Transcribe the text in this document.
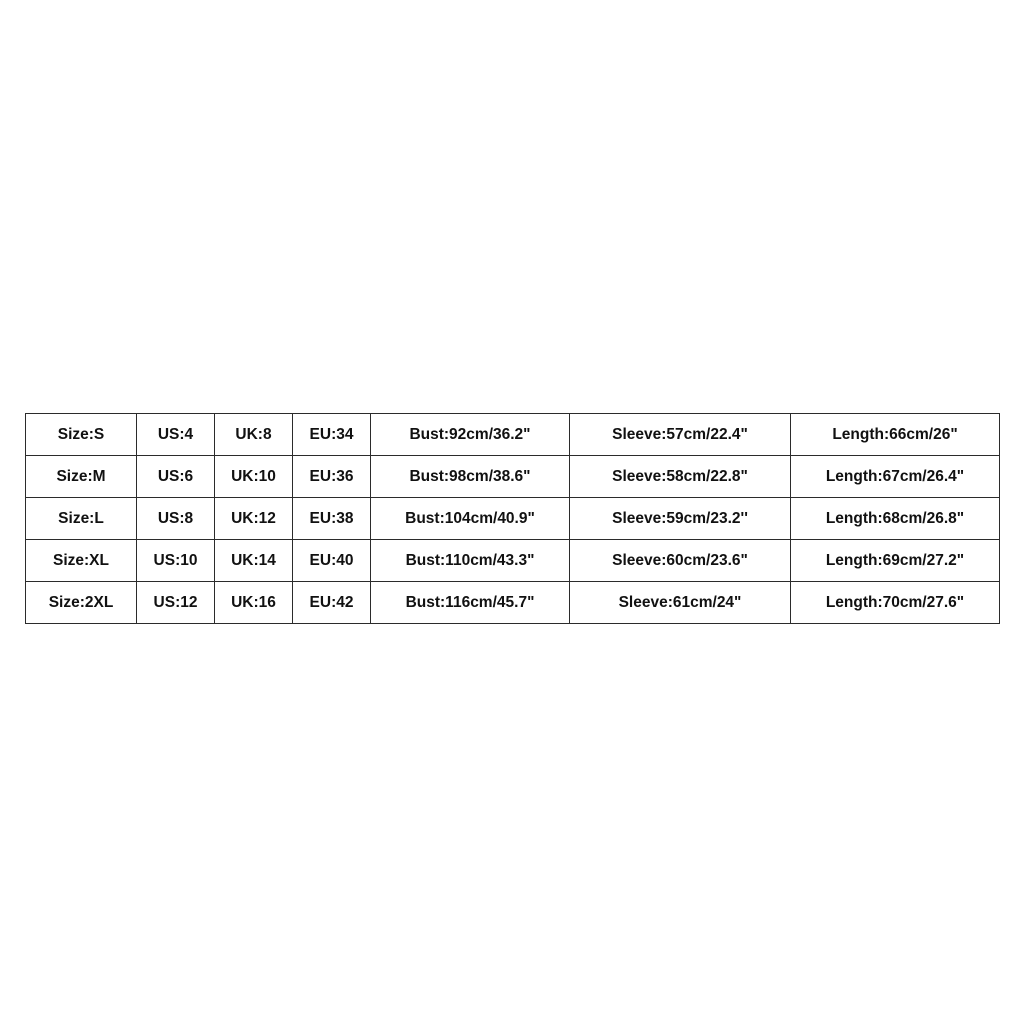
Size:S	US:4	UK:8	EU:34	Bust:92cm/36.2"	Sleeve:57cm/22.4"	Length:66cm/26"
Size:M	US:6	UK:10	EU:36	Bust:98cm/38.6"	Sleeve:58cm/22.8"	Length:67cm/26.4"
Size:L	US:8	UK:12	EU:38	Bust:104cm/40.9"	Sleeve:59cm/23.2''	Length:68cm/26.8"
Size:XL	US:10	UK:14	EU:40	Bust:110cm/43.3"	Sleeve:60cm/23.6"	Length:69cm/27.2"
Size:2XL	US:12	UK:16	EU:42	Bust:116cm/45.7"	Sleeve:61cm/24"	Length:70cm/27.6"
